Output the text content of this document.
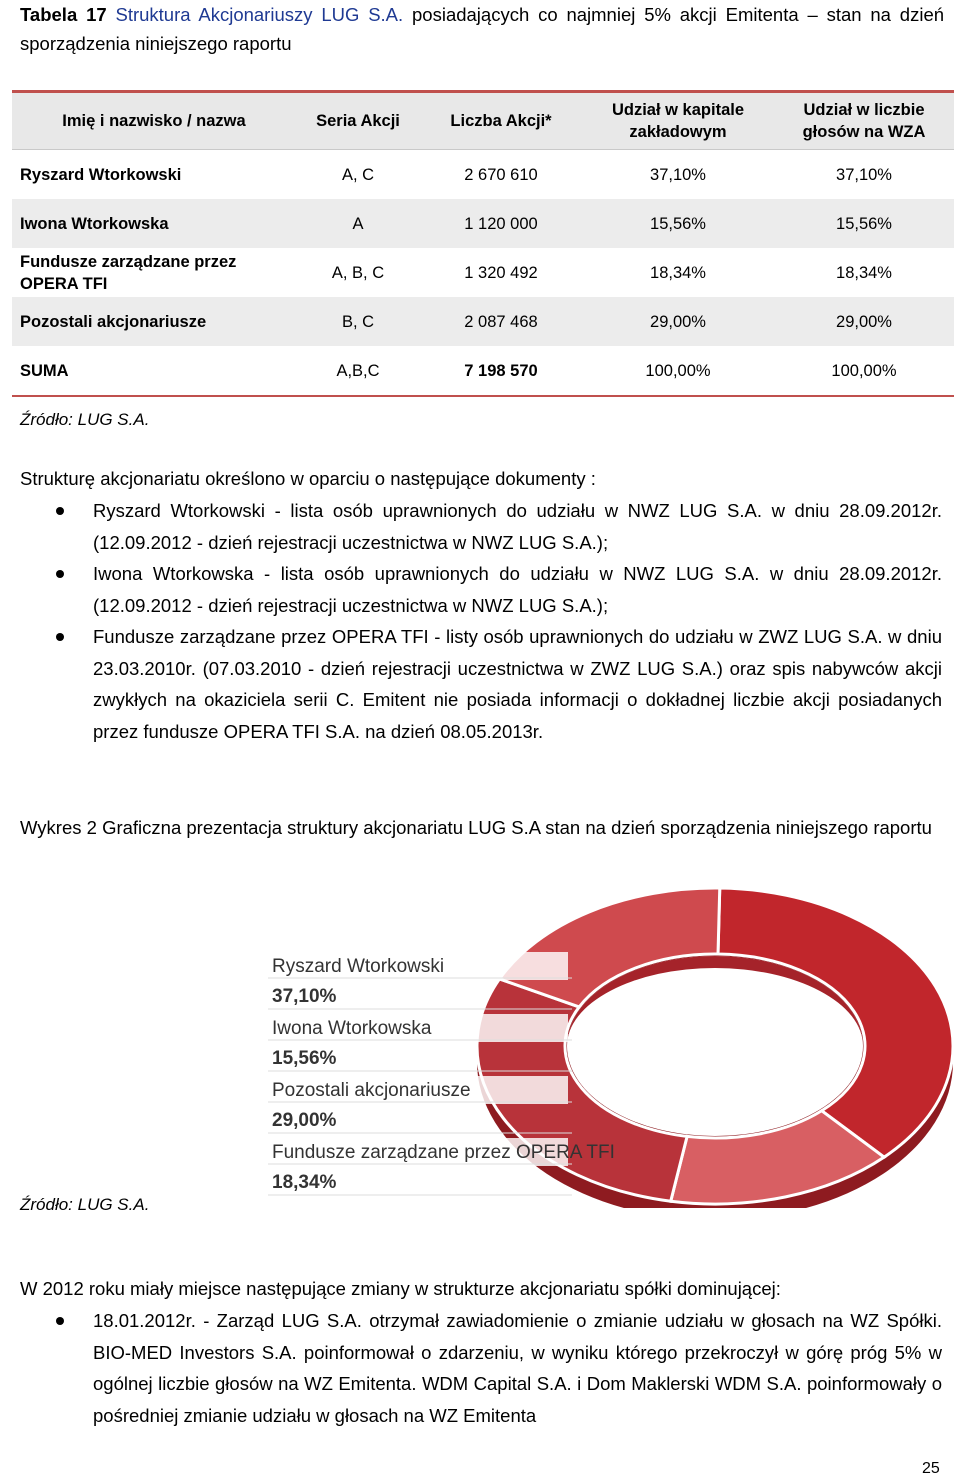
Tabela 17 Struktura Akcjonariuszy LUG S.A. posiadających co najmniej 5% akcji Emitenta – stan na dzień sporządzenia niniejszego raportu
Imię i nazwisko / nazwa	Seria Akcji	Liczba Akcji*	Udział w kapitale zakładowym	Udział w liczbie głosów na WZA
Ryszard Wtorkowski	A, C	2 670 610	37,10%	37,10%
Iwona Wtorkowska	A	1 120 000	15,56%	15,56%
Fundusze zarządzane przez OPERA TFI	A, B, C	1 320 492	18,34%	18,34%
Pozostali akcjonariusze	B, C	2 087 468	29,00%	29,00%
SUMA	A,B,C	7 198 570	100,00%	100,00%
Źródło: LUG S.A.
Strukturę akcjonariatu określono w oparciu o następujące dokumenty :
Ryszard Wtorkowski - lista osób uprawnionych do udziału w NWZ LUG S.A. w dniu 28.09.2012r. (12.09.2012 - dzień rejestracji uczestnictwa w NWZ LUG S.A.);
Iwona Wtorkowska - lista osób uprawnionych do udziału w NWZ LUG S.A. w dniu 28.09.2012r. (12.09.2012 - dzień rejestracji uczestnictwa w NWZ LUG S.A.);
Fundusze zarządzane przez OPERA TFI - listy osób uprawnionych do udziału w ZWZ LUG S.A. w dniu 23.03.2010r. (07.03.2010 - dzień rejestracji uczestnictwa w ZWZ LUG S.A.) oraz spis nabywców akcji zwykłych na okaziciela serii C. Emitent nie posiada informacji o dokładnej liczbie akcji posiadanych przez fundusze OPERA TFI S.A. na dzień 08.05.2013r.
Wykres 2 Graficzna prezentacja struktury akcjonariatu LUG S.A stan na dzień sporządzenia niniejszego raportu
Ryszard Wtorkowski
37,10%
Iwona Wtorkowska
15,56%
Pozostali akcjonariusze
29,00%
Fundusze zarządzane przez OPERA TFI
18,34%
Źródło: LUG S.A.
W 2012 roku miały miejsce następujące zmiany w strukturze akcjonariatu spółki dominującej:
18.01.2012r. - Zarząd LUG S.A. otrzymał zawiadomienie o zmianie udziału w głosach na WZ Spółki. BIO-MED Investors S.A. poinformował o zdarzeniu, w wyniku którego przekroczył w górę próg 5% w ogólnej liczbie głosów na WZ Emitenta. WDM Capital S.A. i Dom Maklerski WDM S.A. poinformowały o pośredniej zmianie udziału w głosach na WZ Emitenta
25
